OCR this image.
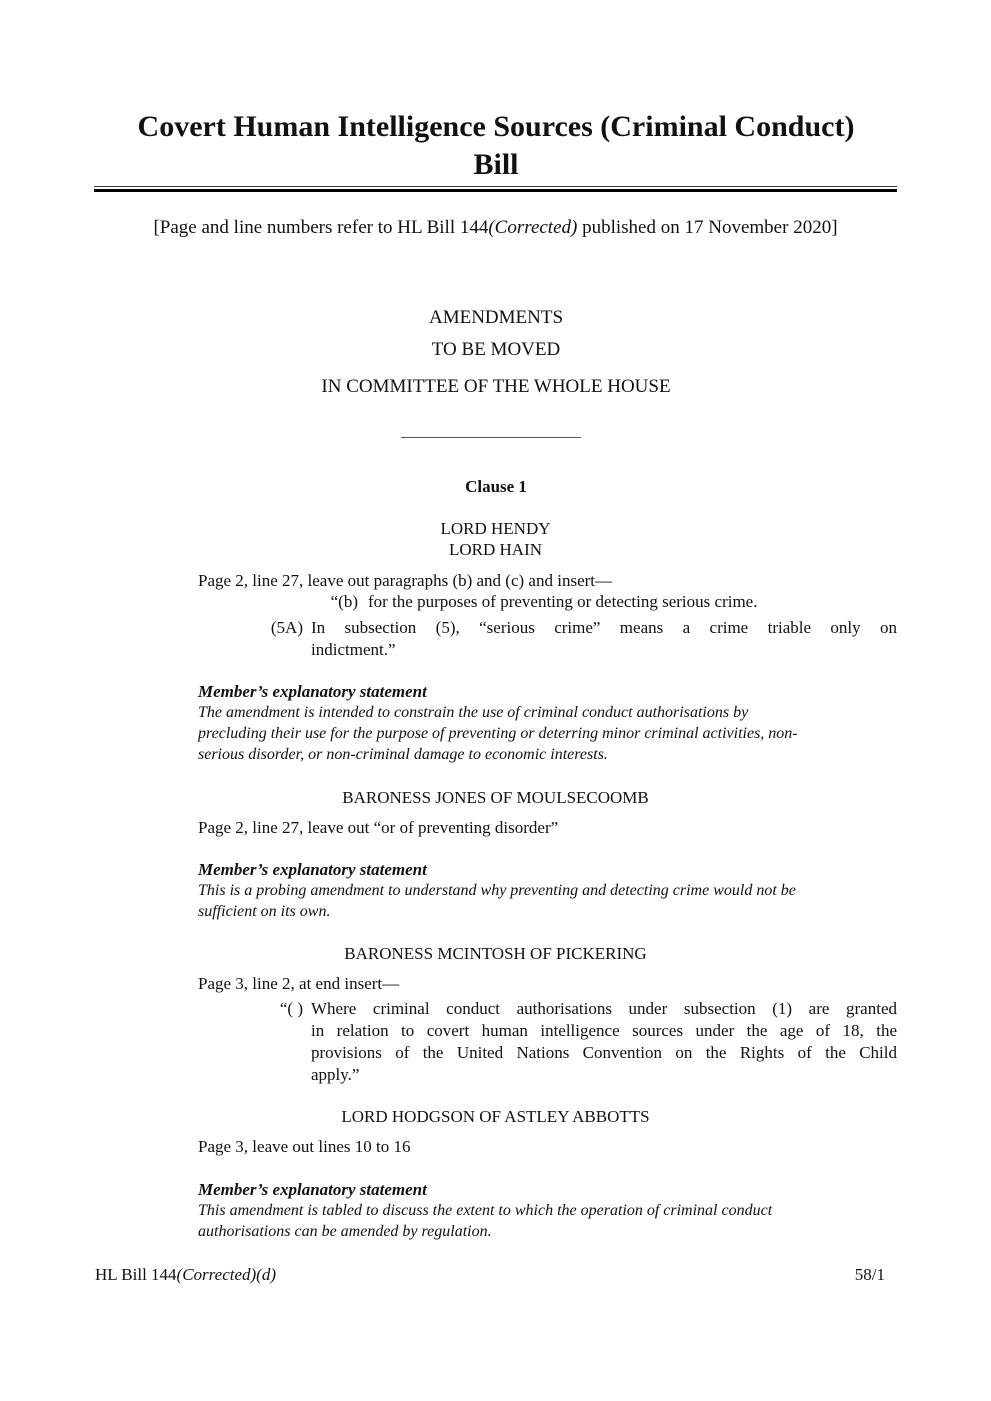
Covert Human Intelligence Sources (Criminal Conduct)
Bill
[Page and line numbers refer to HL Bill 144(Corrected) published on 17 November 2020]
AMENDMENTS
TO BE MOVED
IN COMMITTEE OF THE WHOLE HOUSE
Clause 1
LORD HENDY
LORD HAIN
Page 2, line 27, leave out paragraphs (b) and (c) and insert—
“(b) for the purposes of preventing or detecting serious crime.
(5A) In subsection (5), “serious crime” means a crime triable only on
indictment.”
Member’s explanatory statement
The amendment is intended to constrain the use of criminal conduct authorisations by
precluding their use for the purpose of preventing or deterring minor criminal activities, non-
serious disorder, or non-criminal damage to economic interests.
BARONESS JONES OF MOULSECOOMB
Page 2, line 27, leave out “or of preventing disorder”
Member’s explanatory statement
This is a probing amendment to understand why preventing and detecting crime would not be
sufficient on its own.
BARONESS MCINTOSH OF PICKERING
Page 3, line 2, at end insert—
“( ) Where criminal conduct authorisations under subsection (1) are granted
in relation to covert human intelligence sources under the age of 18, the
provisions of the United Nations Convention on the Rights of the Child
apply.”
LORD HODGSON OF ASTLEY ABBOTTS
Page 3, leave out lines 10 to 16
Member’s explanatory statement
This amendment is tabled to discuss the extent to which the operation of criminal conduct
authorisations can be amended by regulation.
HL Bill 144(Corrected)(d)	58/1
